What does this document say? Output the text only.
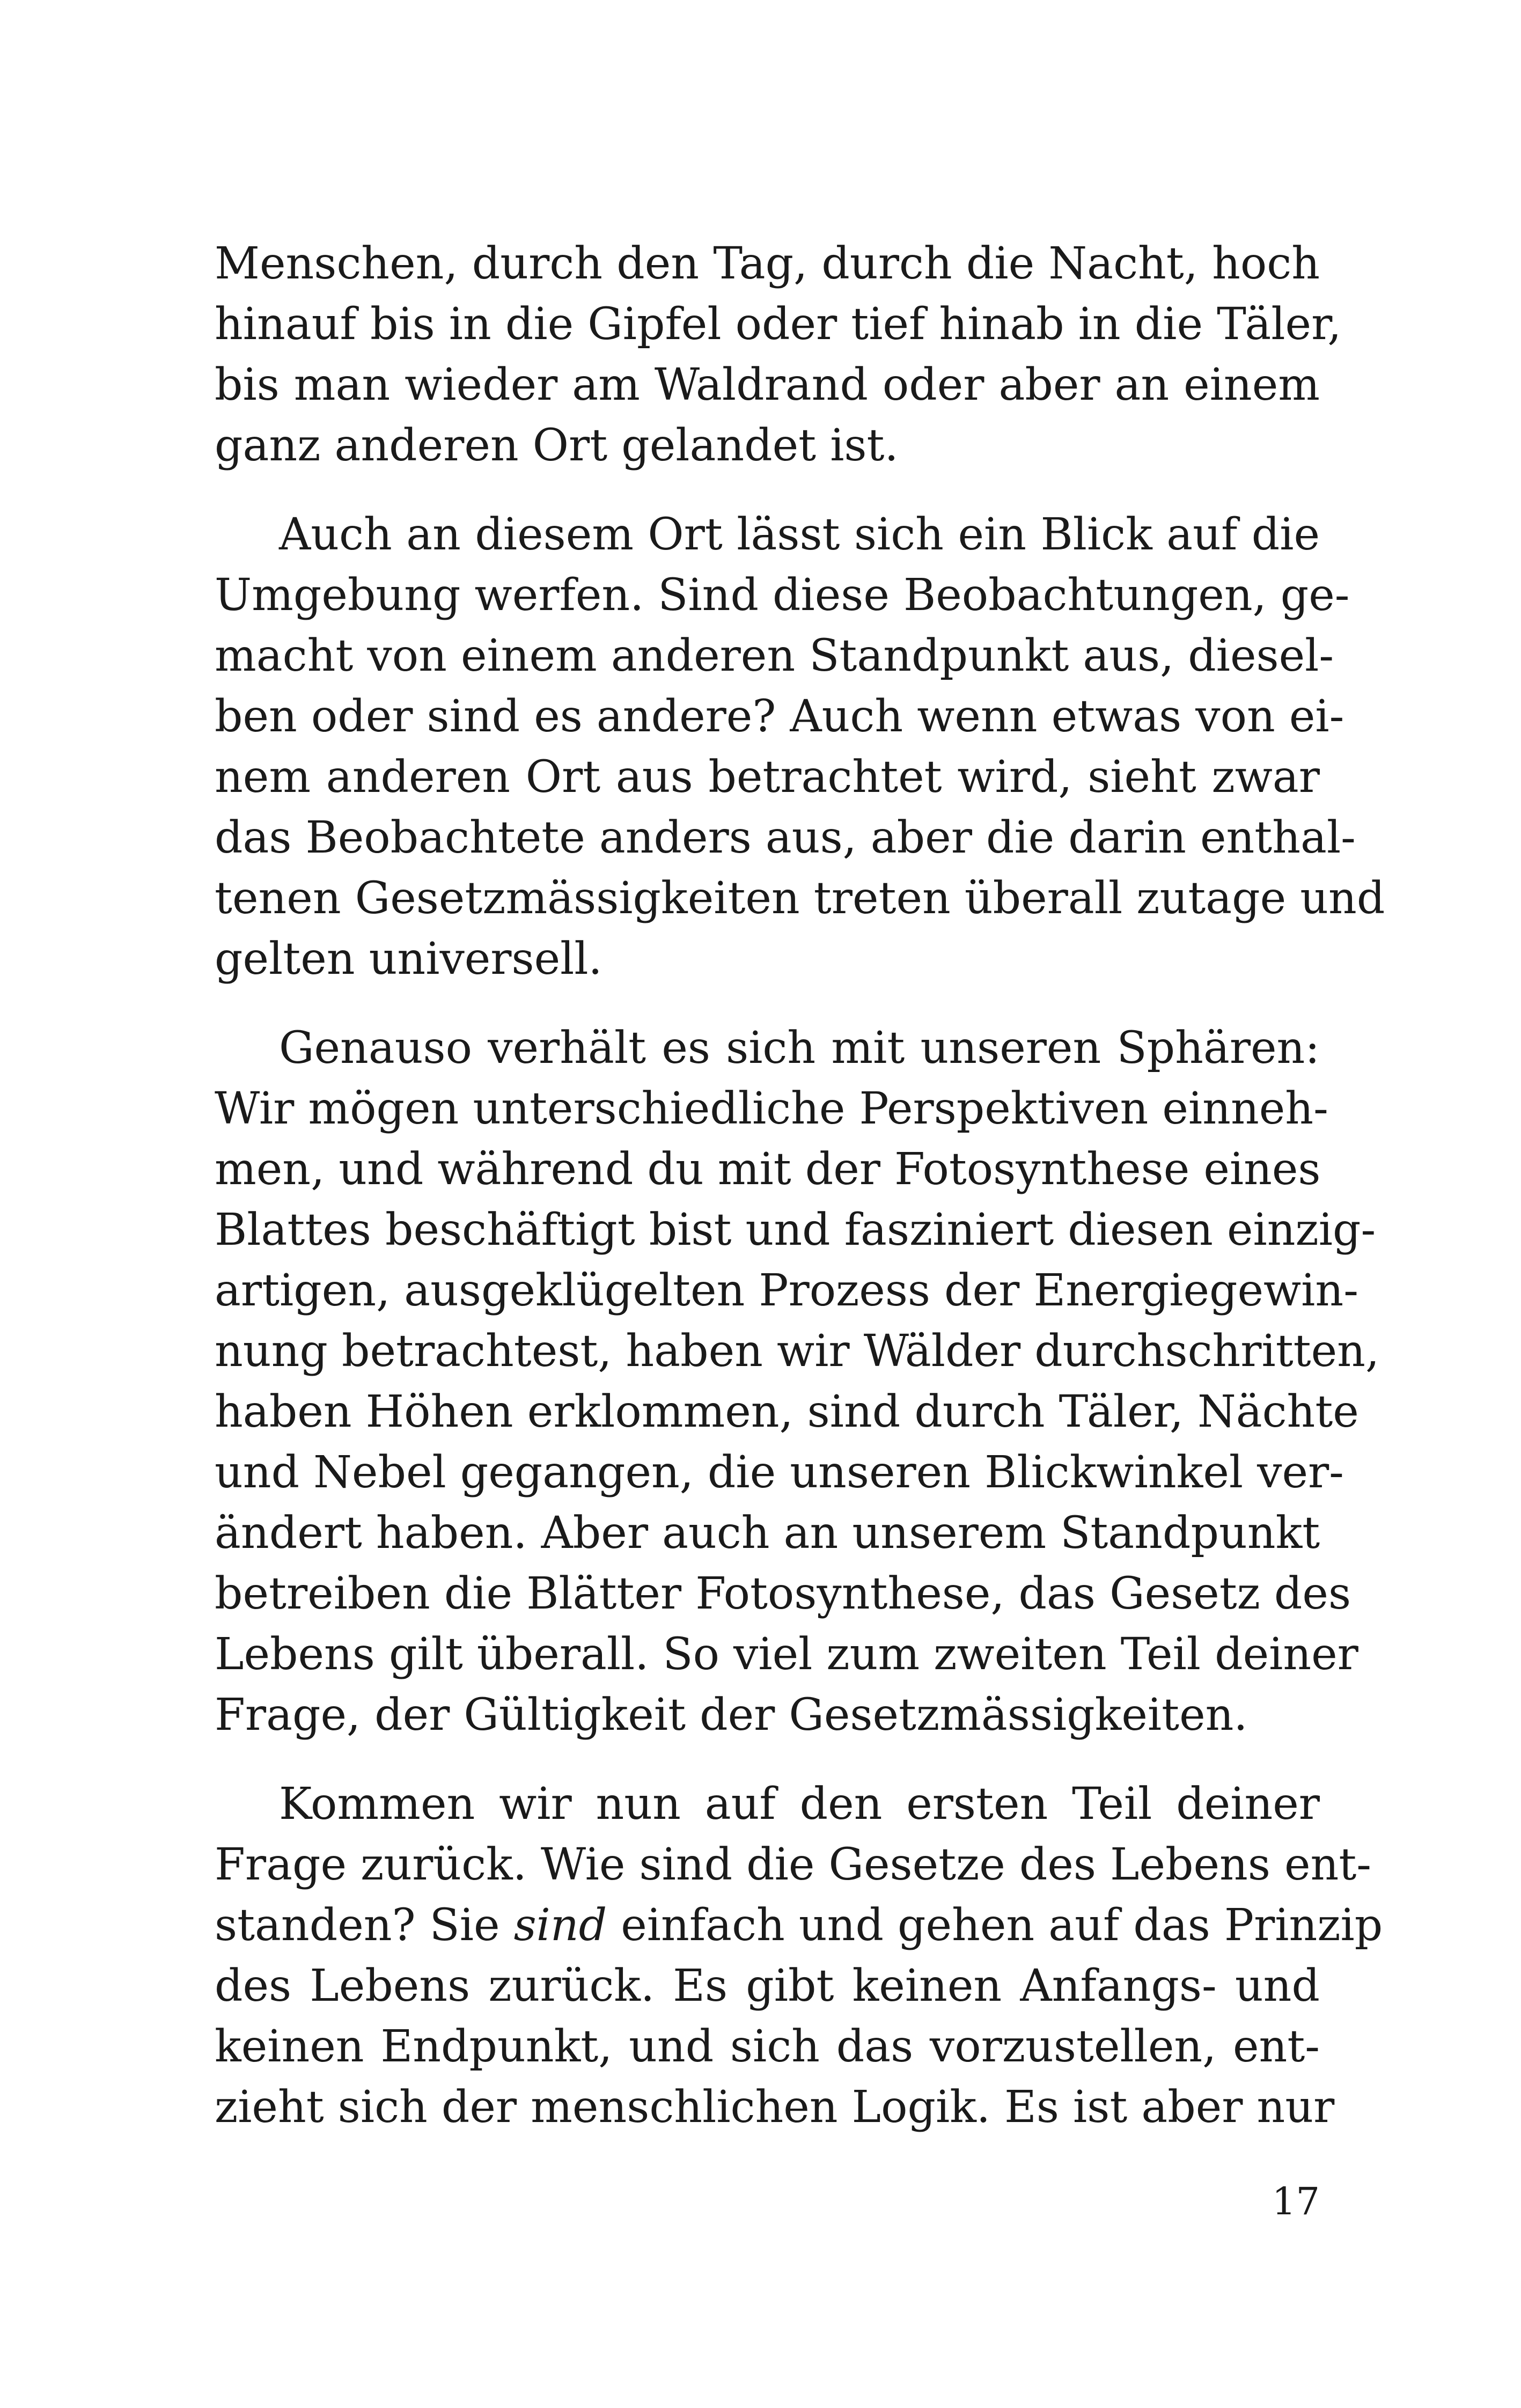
Menschen, durch den Tag, durch die Nacht, hoch
hinauf bis in die Gipfel oder tief hinab in die Täler,
bis man wieder am Waldrand oder aber an einem
ganz anderen Ort gelandet ist.
Auch an diesem Ort lässt sich ein Blick auf die
Umgebung werfen. Sind diese Beobachtungen, ge-
macht von einem anderen Standpunkt aus, diesel-
ben oder sind es andere? Auch wenn etwas von ei-
nem anderen Ort aus betrachtet wird, sieht zwar
das Beobachtete anders aus, aber die darin enthal-
tenen Gesetzmässigkeiten treten überall zutage und
gelten universell.
Genauso verhält es sich mit unseren Sphären:
Wir mögen unterschiedliche Perspektiven einneh-
men, und während du mit der Fotosynthese eines
Blattes beschäftigt bist und fasziniert diesen einzig-
artigen, ausgeklügelten Prozess der Energiegewin-
nung betrachtest, haben wir Wälder durchschritten,
haben Höhen erklommen, sind durch Täler, Nächte
und Nebel gegangen, die unseren Blickwinkel ver-
ändert haben. Aber auch an unserem Standpunkt
betreiben die Blätter Fotosynthese, das Gesetz des
Lebens gilt überall. So viel zum zweiten Teil deiner
Frage, der Gültigkeit der Gesetzmässigkeiten.
Kommen wir nun auf den ersten Teil deiner
Frage zurück. Wie sind die Gesetze des Lebens ent-
standen? Sie sind einfach und gehen auf das Prinzip
des Lebens zurück. Es gibt keinen Anfangs- und
keinen Endpunkt, und sich das vorzustellen, ent-
zieht sich der menschlichen Logik. Es ist aber nur
17
